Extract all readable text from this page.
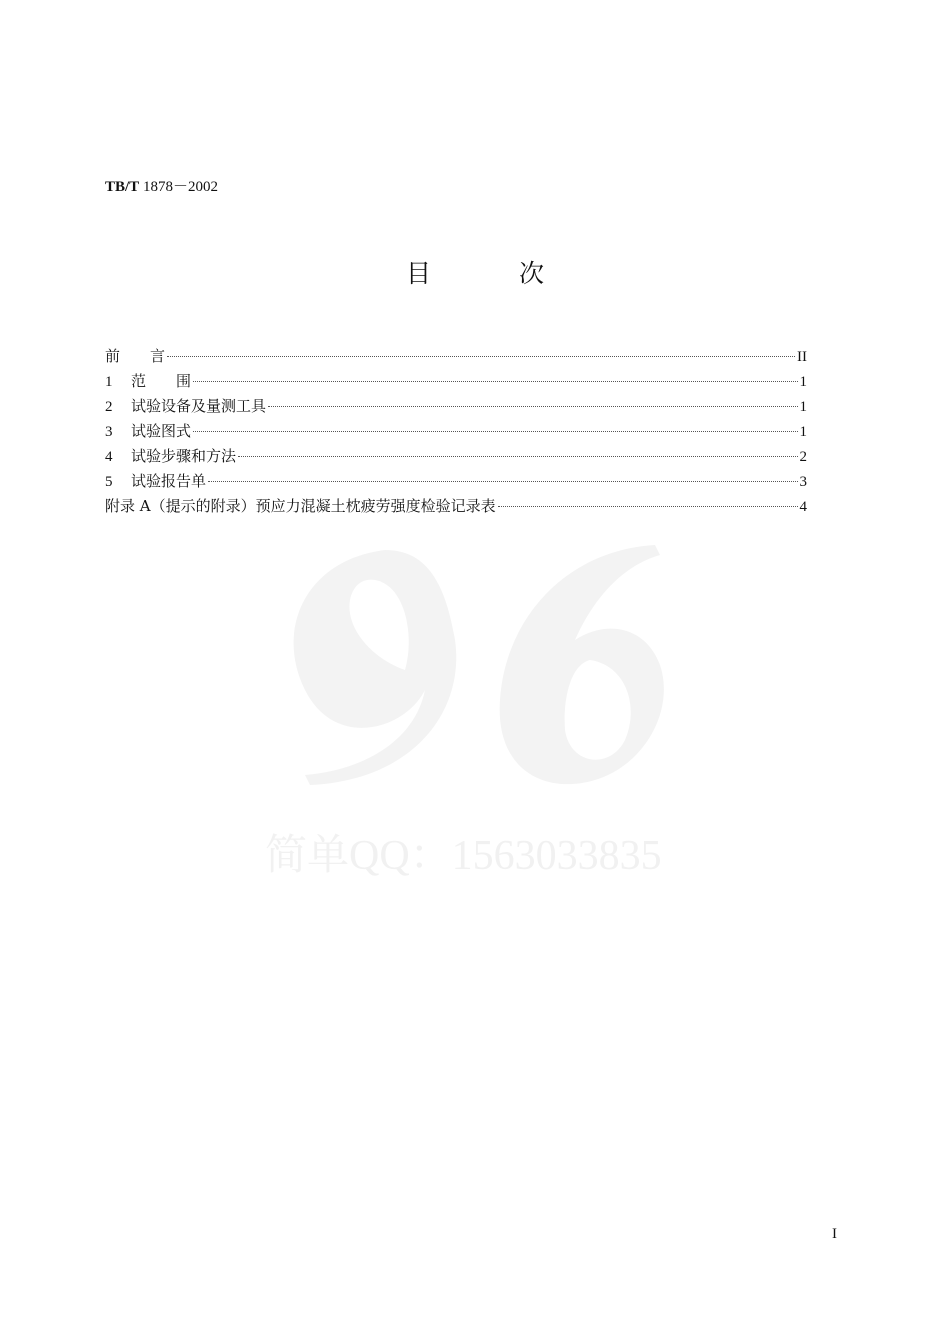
TB/T 1878－2002
目 次
简单QQ：1563033835
前　　言	II
1	范　　围	1
2	试验设备及量测工具	1
3	试验图式	1
4	试验步骤和方法	2
5	试验报告单	3
附录 A（提示的附录）预应力混凝土枕疲劳强度检验记录表	4
I
